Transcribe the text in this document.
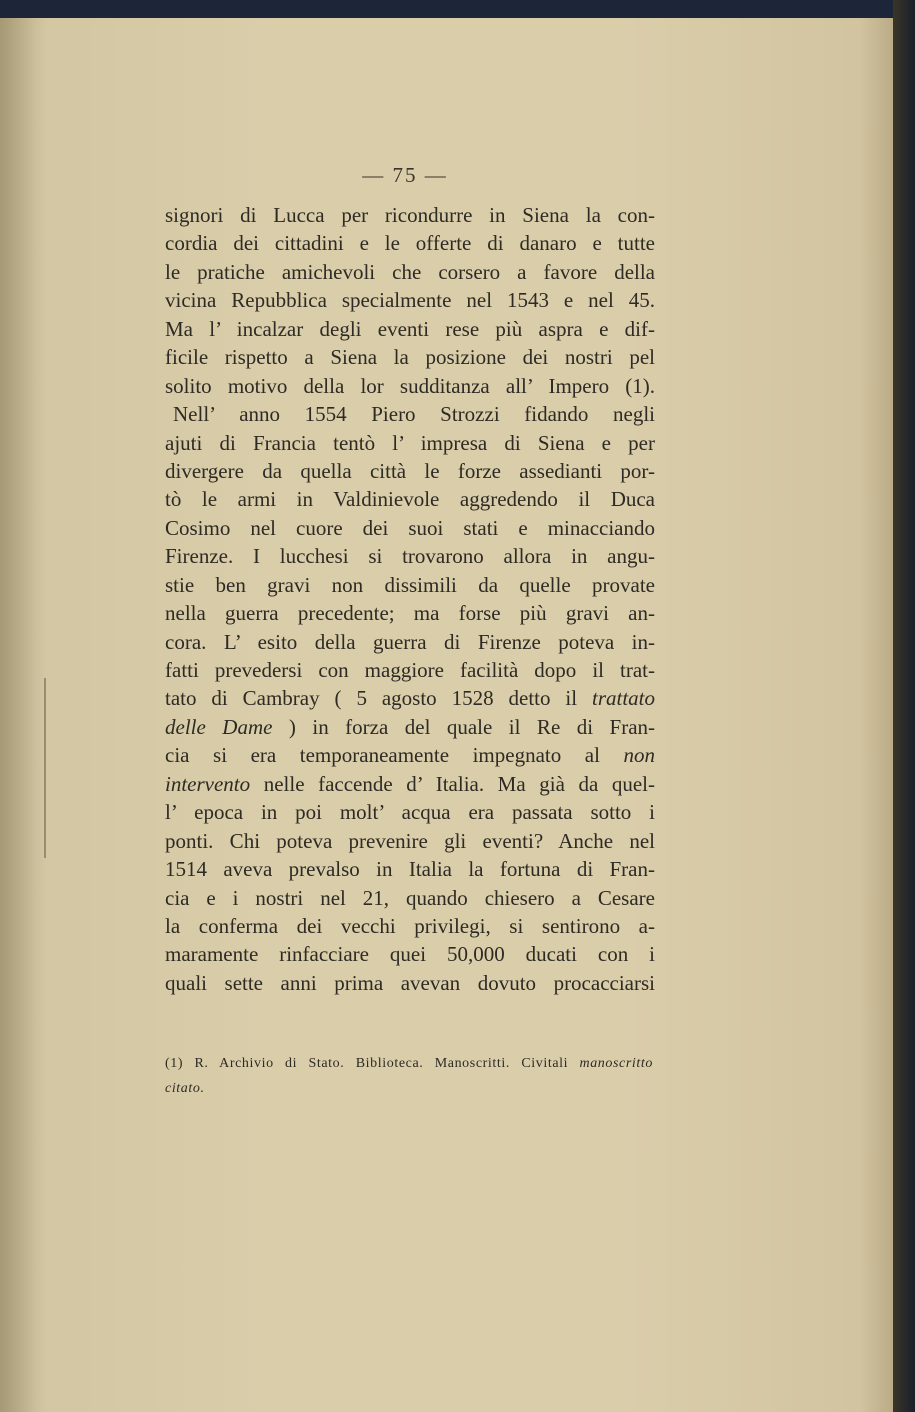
— 75 —
signori di Lucca per ricondurre in Siena la con-
cordia dei cittadini e le offerte di danaro e tutte
le pratiche amichevoli che corsero a favore della
vicina Repubblica specialmente nel 1543 e nel 45.
Ma l’ incalzar degli eventi rese più aspra e dif-
ficile rispetto a Siena la posizione dei nostri pel
solito motivo della lor sudditanza all’ Impero (1).
Nell’ anno 1554 Piero Strozzi fidando negli
ajuti di Francia tentò l’ impresa di Siena e per
divergere da quella città le forze assedianti por-
tò le armi in Valdinievole aggredendo il Duca
Cosimo nel cuore dei suoi stati e minacciando
Firenze. I lucchesi si trovarono allora in angu-
stie ben gravi non dissimili da quelle provate
nella guerra precedente; ma forse più gravi an-
cora. L’ esito della guerra di Firenze poteva in-
fatti prevedersi con maggiore facilità dopo il trat-
tato di Cambray ( 5 agosto 1528 detto il trattato
delle Dame ) in forza del quale il Re di Fran-
cia si era temporaneamente impegnato al non
intervento nelle faccende d’ Italia. Ma già da quel-
l’ epoca in poi molt’ acqua era passata sotto i
ponti. Chi poteva prevenire gli eventi? Anche nel
1514 aveva prevalso in Italia la fortuna di Fran-
cia e i nostri nel 21, quando chiesero a Cesare
la conferma dei vecchi privilegi, si sentirono a-
maramente rinfacciare quei 50,000 ducati con i
quali sette anni prima avevan dovuto procacciarsi
(1) R. Archivio di Stato. Biblioteca. Manoscritti. Civitali manoscritto
citato.
